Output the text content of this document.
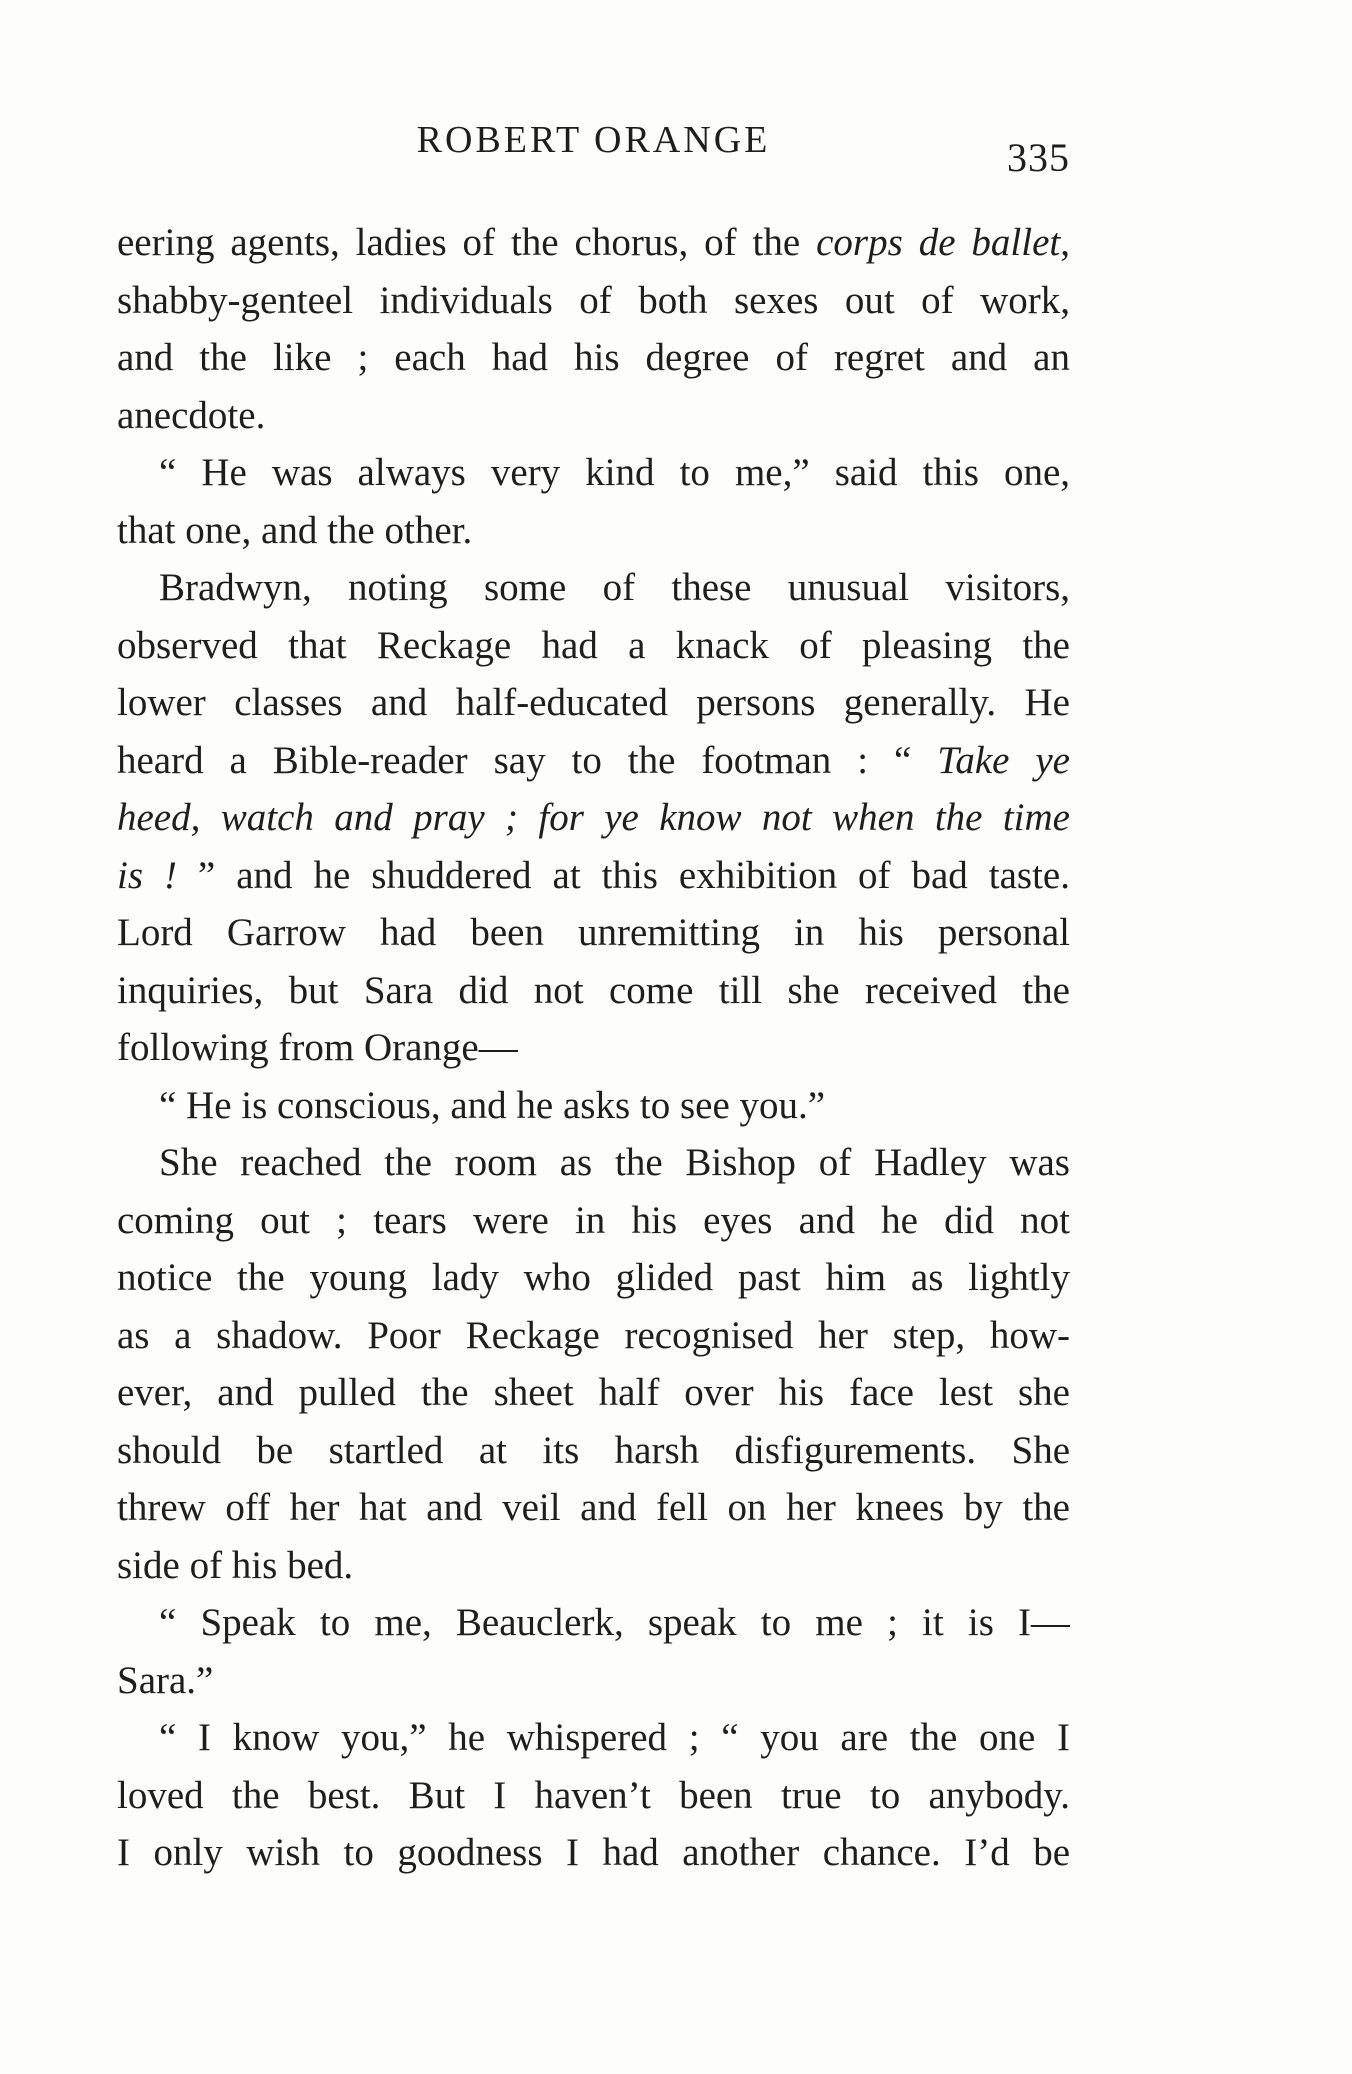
ROBERT ORANGE	335
eering agents, ladies of the chorus, of the corps de ballet,
shabby-genteel individuals of both sexes out of work,
and the like ; each had his degree of regret and an
anecdote.
“ He was always very kind to me,” said this one,
that one, and the other.
Bradwyn, noting some of these unusual visitors,
observed that Reckage had a knack of pleasing the
lower classes and half-educated persons generally. He
heard a Bible-reader say to the footman : “ Take ye
heed, watch and pray ; for ye know not when the time
is ! ” and he shuddered at this exhibition of bad taste.
Lord Garrow had been unremitting in his personal
inquiries, but Sara did not come till she received the
following from Orange—
“ He is conscious, and he asks to see you.”
She reached the room as the Bishop of Hadley was
coming out ; tears were in his eyes and he did not
notice the young lady who glided past him as lightly
as a shadow. Poor Reckage recognised her step, how-
ever, and pulled the sheet half over his face lest she
should be startled at its harsh disfigurements. She
threw off her hat and veil and fell on her knees by the
side of his bed.
“ Speak to me, Beauclerk, speak to me ; it is I—
Sara.”
“ I know you,” he whispered ; “ you are the one I
loved the best. But I haven’t been true to anybody.
I only wish to goodness I had another chance. I’d be
